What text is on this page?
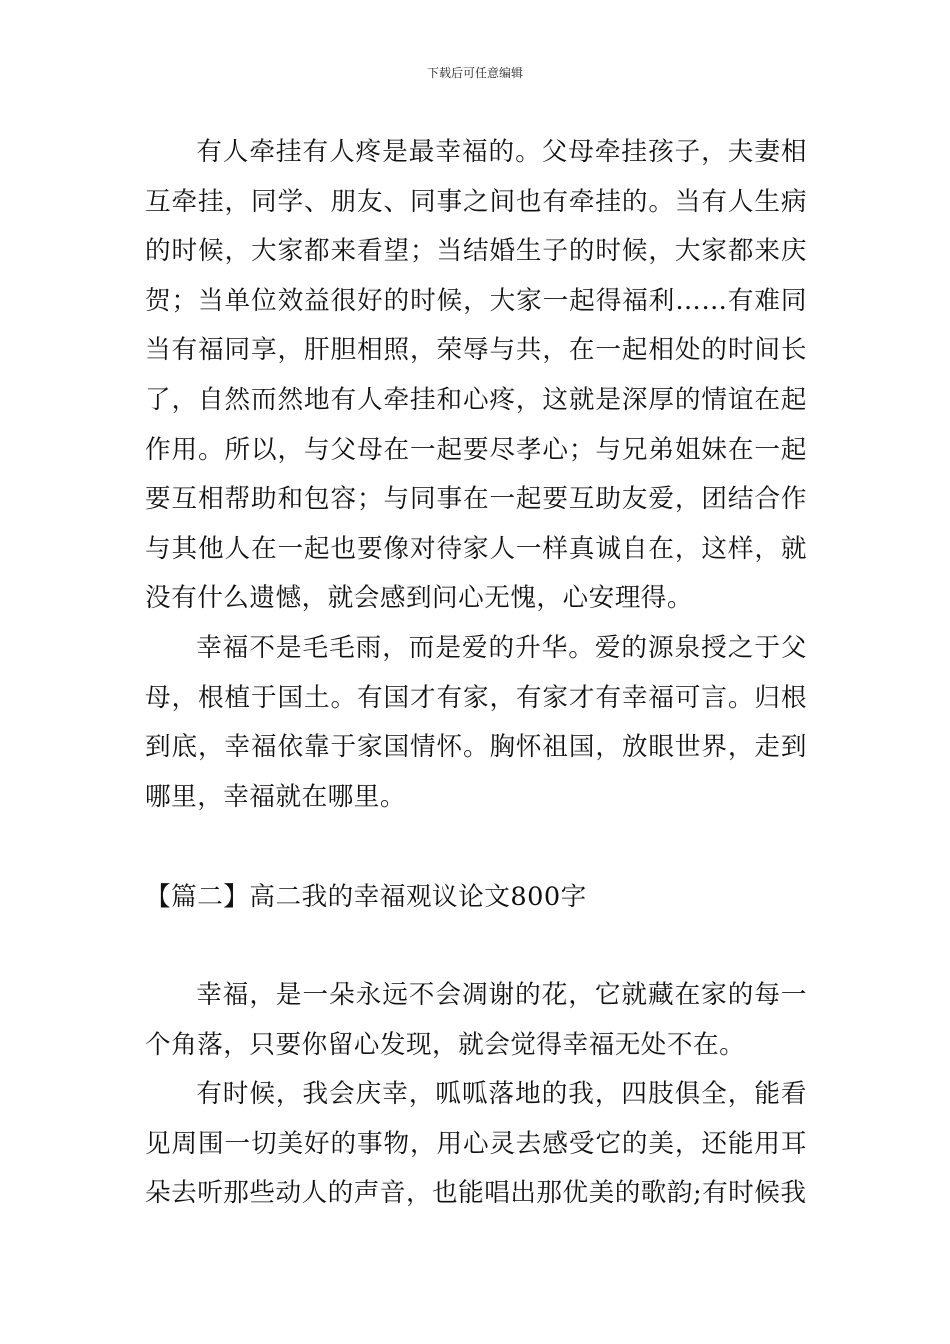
下载后可任意编辑

有人牵挂有人疼是最幸福的。父母牵挂孩子，夫妻相互牵挂，同学、朋友、同事之间也有牵挂的。当有人生病的时候，大家都来看望；当结婚生子的时候，大家都来庆贺；当单位效益很好的时候，大家一起得福利……有难同当有福同享，肝胆相照，荣辱与共，在一起相处的时间长了，自然而然地有人牵挂和心疼，这就是深厚的情谊在起作用。所以，与父母在一起要尽孝心；与兄弟姐妹在一起要互相帮助和包容；与同事在一起要互助友爱，团结合作与其他人在一起也要像对待家人一样真诚自在，这样，就没有什么遗憾，就会感到问心无愧，心安理得。

幸福不是毛毛雨，而是爱的升华。爱的源泉授之于父母，根植于国土。有国才有家，有家才有幸福可言。归根到底，幸福依靠于家国情怀。胸怀祖国，放眼世界，走到哪里，幸福就在哪里。

【篇二】高二我的幸福观议论文800字

幸福，是一朵永远不会凋谢的花，它就藏在家的每一个角落，只要你留心发现，就会觉得幸福无处不在。

有时候，我会庆幸，呱呱落地的我，四肢俱全，能看见周围一切美好的事物，用心灵去感受它的美，还能用耳朵去听那些动人的声音，也能唱出那优美的歌韵;有时候我
